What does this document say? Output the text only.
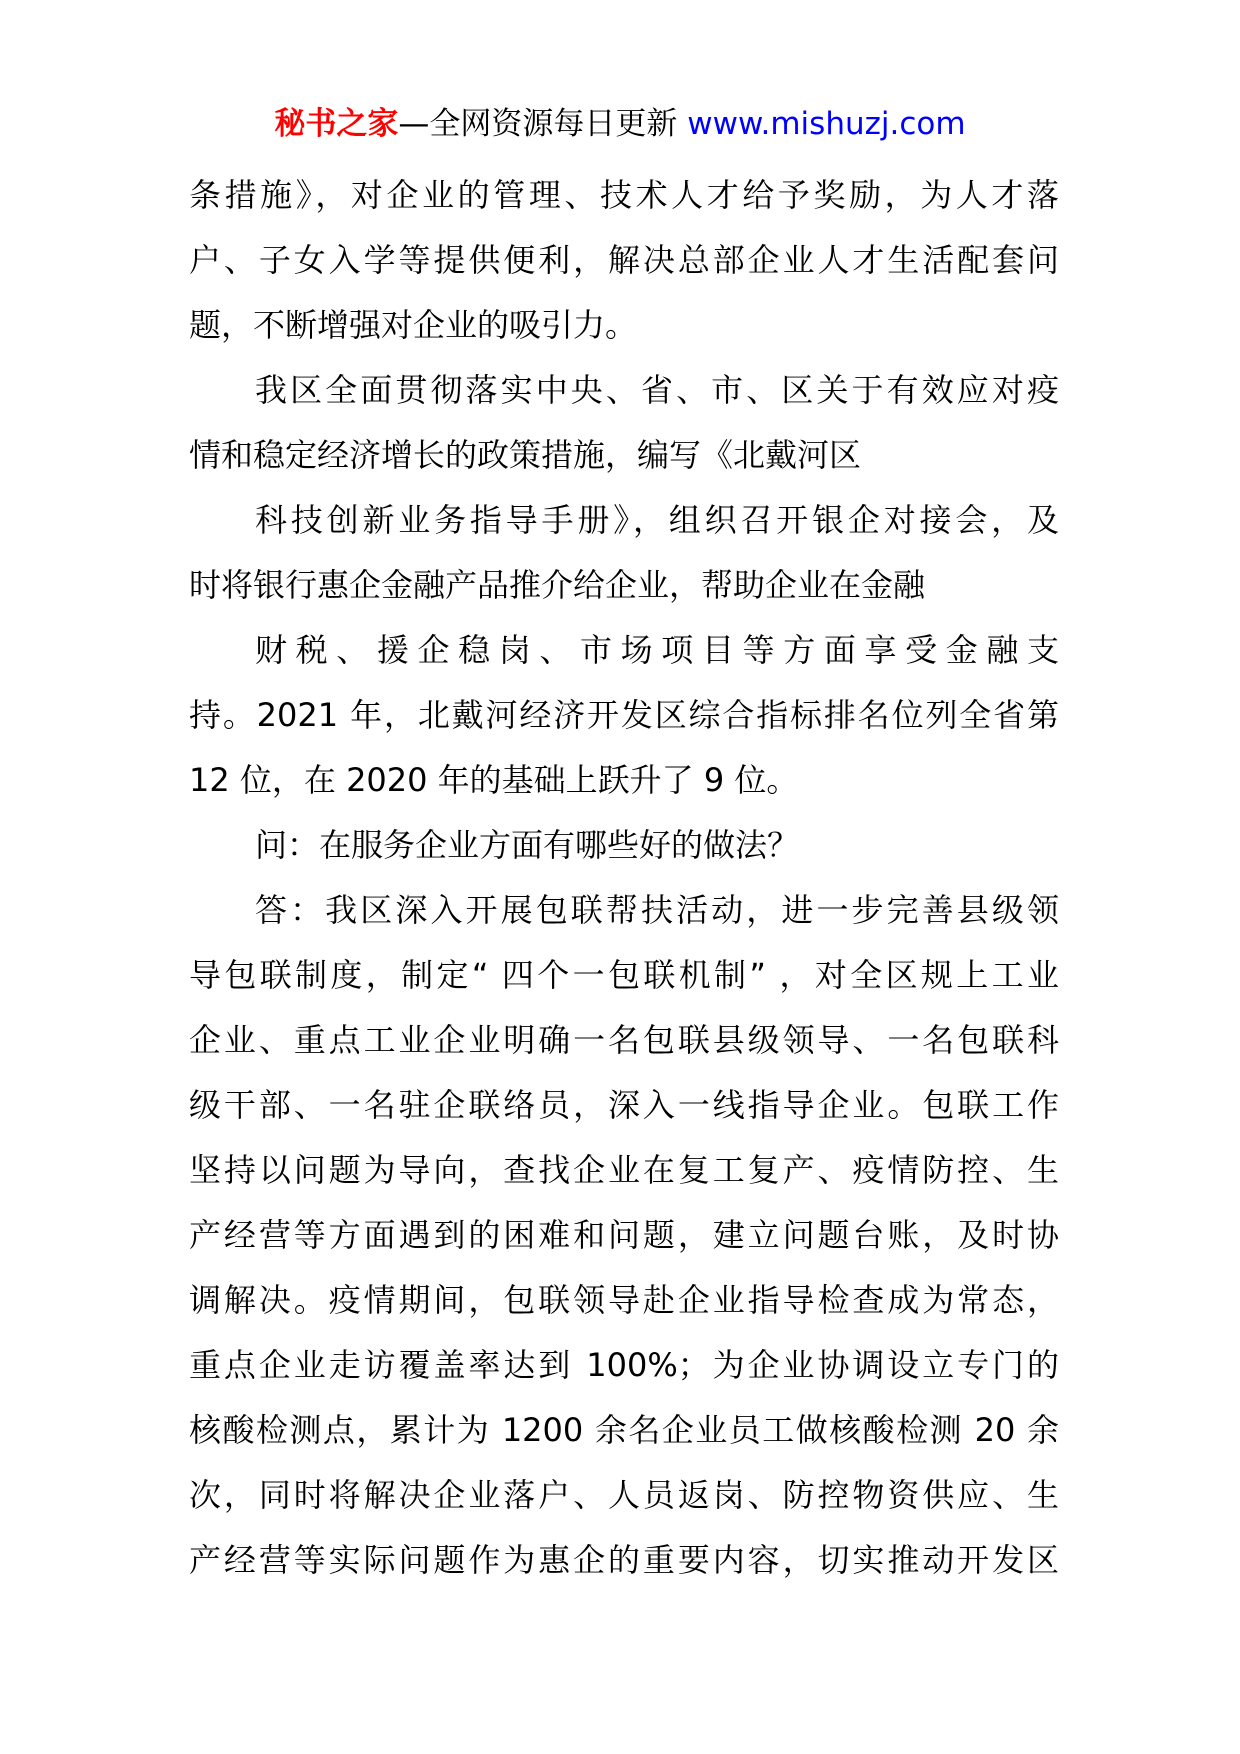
秘书之家—全网资源每日更新 www.mishuzj.com
条措施》，对企业的管理、技术人才给予奖励，为人才落
户、子女入学等提供便利，解决总部企业人才生活配套问
题，不断增强对企业的吸引力。
我区全面贯彻落实中央、省、市、区关于有效应对疫
情和稳定经济增长的政策措施，编写《北戴河区
科技创新业务指导手册》，组织召开银企对接会，及
时将银行惠企金融产品推介给企业，帮助企业在金融
财税、援企稳岗、市场项目等方面享受金融支
持。2021 年，北戴河经济开发区综合指标排名位列全省第
12 位，在 2020 年的基础上跃升了 9 位。
问：在服务企业方面有哪些好的做法？
答：我区深入开展包联帮扶活动，进一步完善县级领
导包联制度，制定“ 四个一包联机制” ，对全区规上工业
企业、重点工业企业明确一名包联县级领导、一名包联科
级干部、一名驻企联络员，深入一线指导企业。包联工作
坚持以问题为导向，查找企业在复工复产、疫情防控、生
产经营等方面遇到的困难和问题，建立问题台账，及时协
调解决。疫情期间，包联领导赴企业指导检查成为常态，
重点企业走访覆盖率达到 100%；为企业协调设立专门的
核酸检测点，累计为 1200 余名企业员工做核酸检测 20 余
次，同时将解决企业落户、人员返岗、防控物资供应、生
产经营等实际问题作为惠企的重要内容，切实推动开发区
